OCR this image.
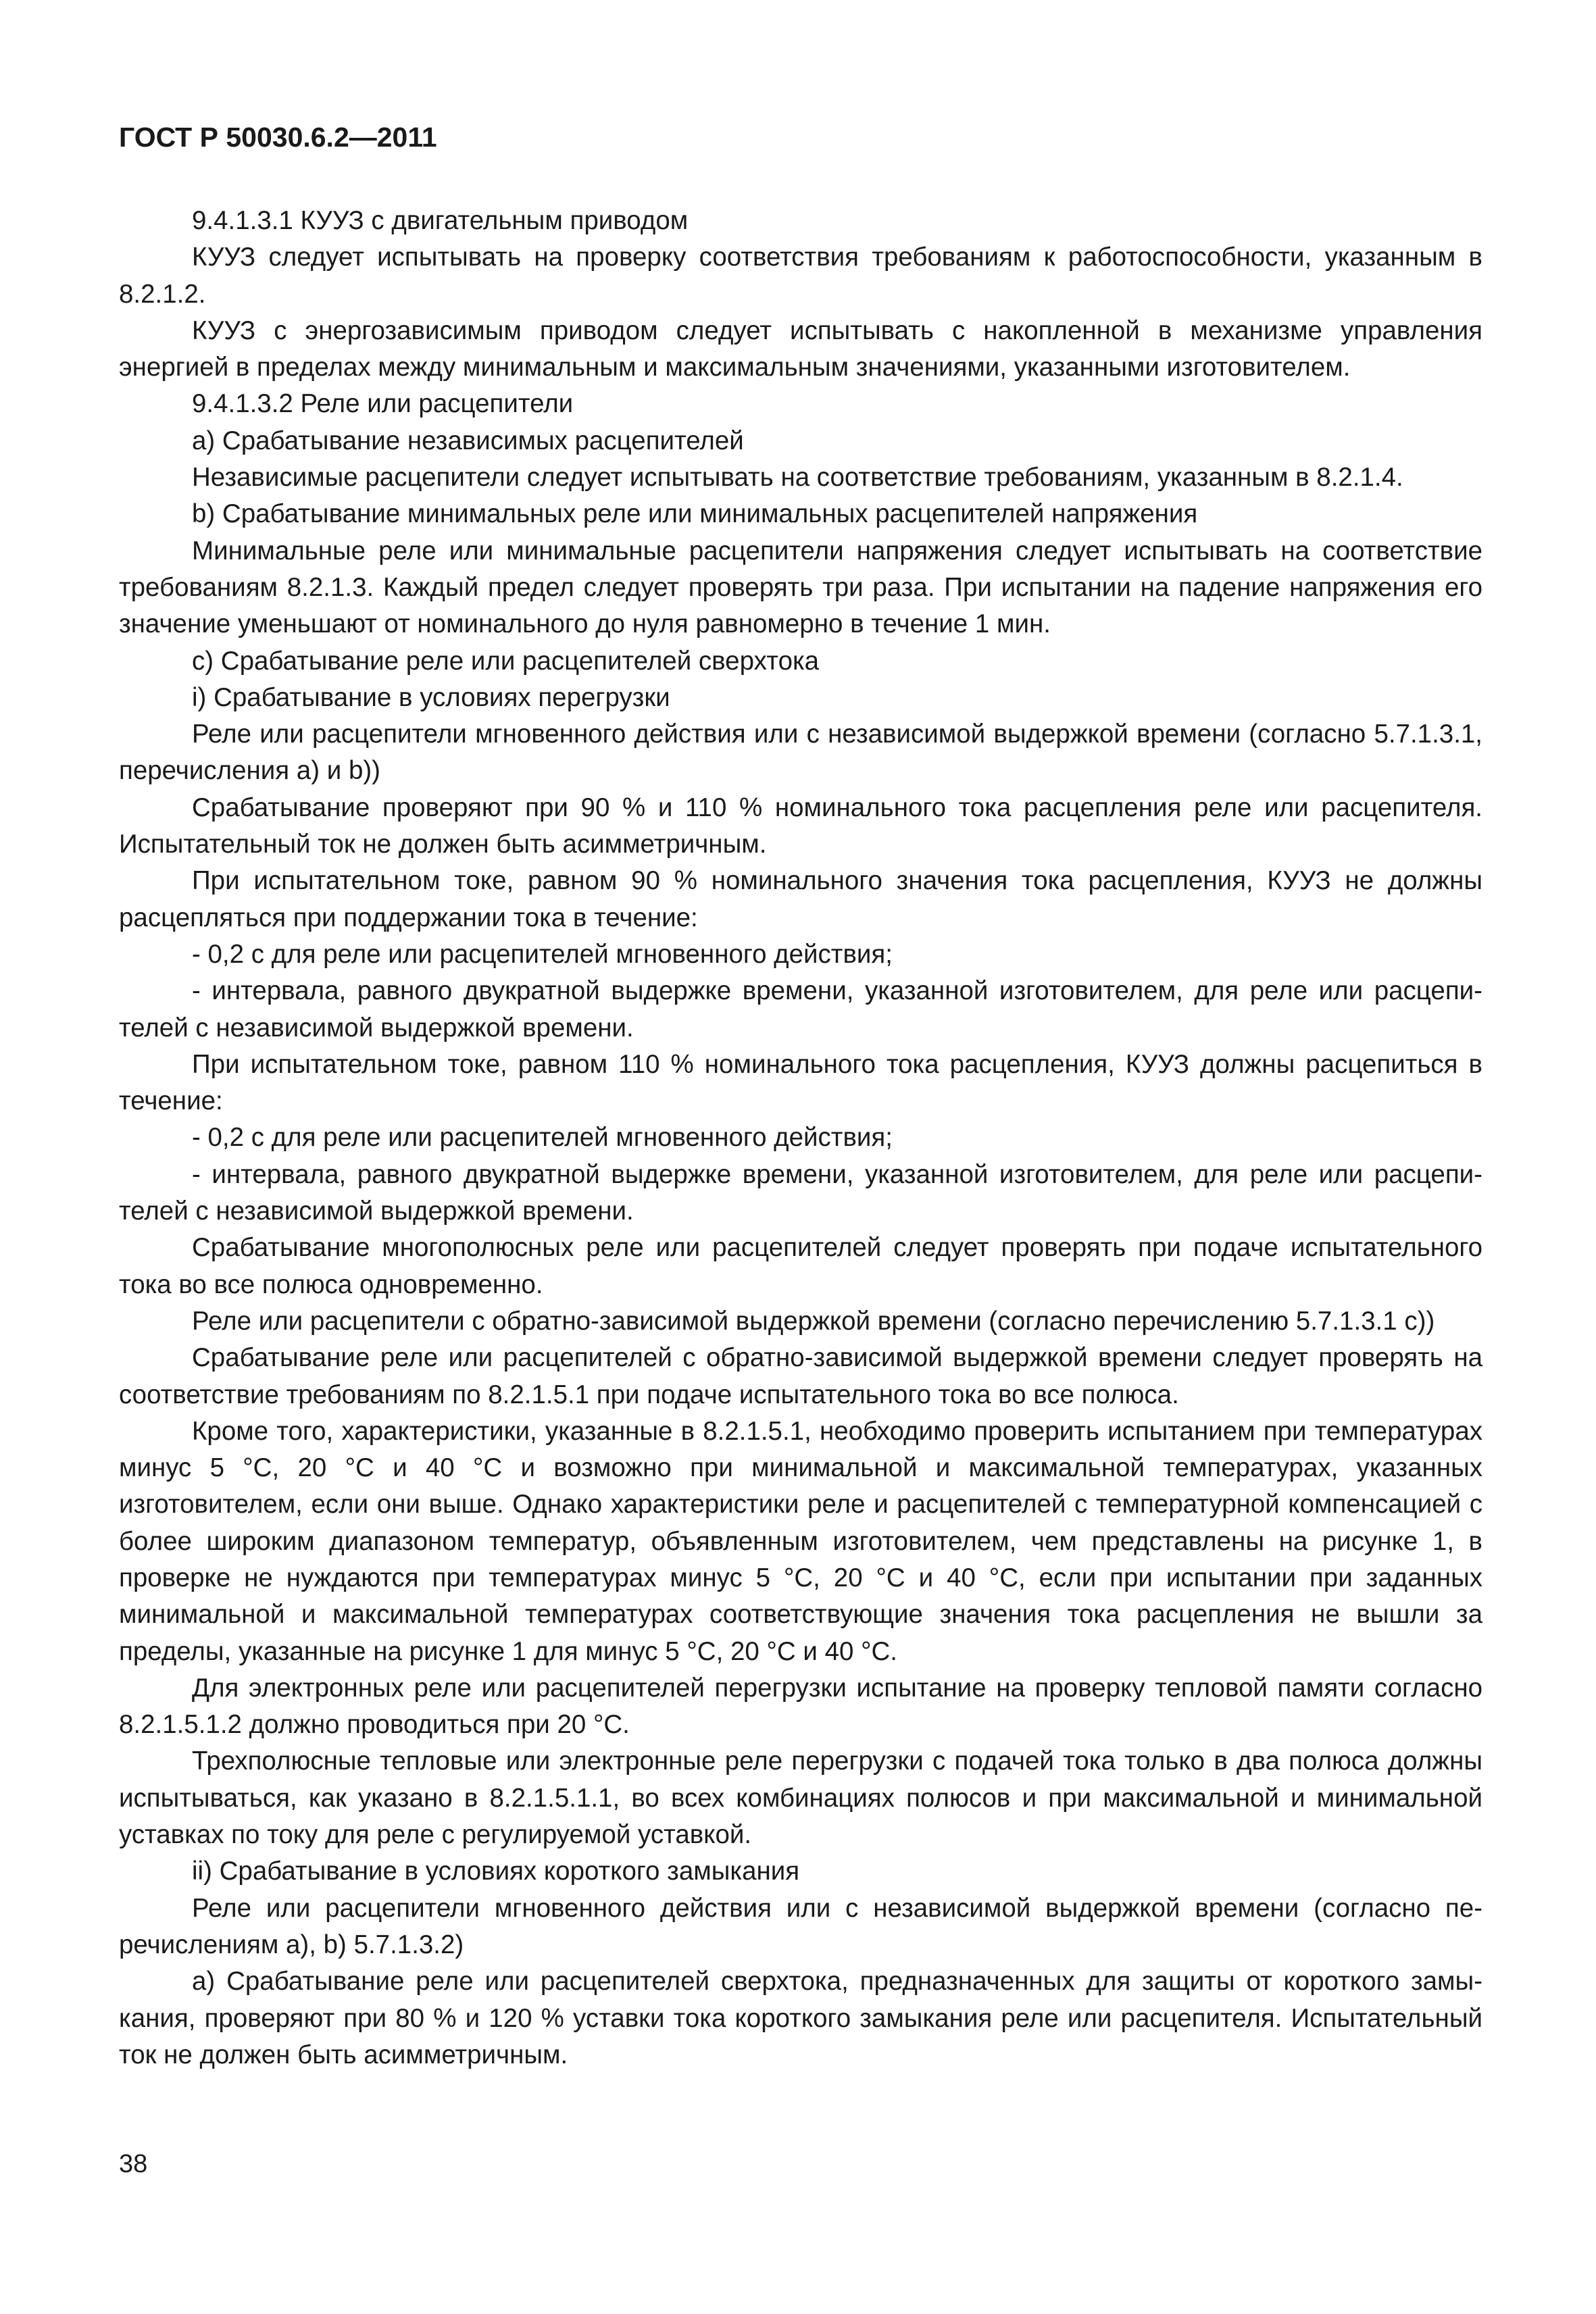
ГОСТ Р 50030.6.2—2011

9.4.1.3.1 КУУЗ с двигательным приводом

КУУЗ следует испытывать на проверку соответствия требованиям к работоспособности, указанным в 8.2.1.2.

КУУЗ с энергозависимым приводом следует испытывать с накопленной в механизме управления энергией в пределах между минимальным и максимальным значениями, указанными изготовителем.

9.4.1.3.2 Реле или расцепители

а) Срабатывание независимых расцепителей

Независимые расцепители следует испытывать на соответствие требованиям, указанным в 8.2.1.4.

b) Срабатывание минимальных реле или минимальных расцепителей напряжения

Минимальные реле или минимальные расцепители напряжения следует испытывать на соответствие требованиям 8.2.1.3. Каждый предел следует проверять три раза. При испытании на падение напряжения его значение уменьшают от номинального до нуля равномерно в течение 1 мин.

с) Срабатывание реле или расцепителей сверхтока

i) Срабатывание в условиях перегрузки

Реле или расцепители мгновенного действия или с независимой выдержкой времени (согласно 5.7.1.3.1, перечисления а) и b))

Срабатывание проверяют при 90 % и 110 % номинального тока расцепления реле или расцепителя. Испытательный ток не должен быть асимметричным.

При испытательном токе, равном 90 % номинального значения тока расцепления, КУУЗ не должны расцепляться при поддержании тока в течение:

- 0,2 с для реле или расцепителей мгновенного действия;

- интервала, равного двукратной выдержке времени, указанной изготовителем, для реле или расцепителей с независимой выдержкой времени.

При испытательном токе, равном 110 % номинального тока расцепления, КУУЗ должны расцепиться в течение:

- 0,2 с для реле или расцепителей мгновенного действия;

- интервала, равного двукратной выдержке времени, указанной изготовителем, для реле или расцепителей с независимой выдержкой времени.

Срабатывание многополюсных реле или расцепителей следует проверять при подаче испытательного тока во все полюса одновременно.

Реле или расцепители с обратно-зависимой выдержкой времени (согласно перечислению 5.7.1.3.1 с))

Срабатывание реле или расцепителей с обратно-зависимой выдержкой времени следует проверять на соответствие требованиям по 8.2.1.5.1 при подаче испытательного тока во все полюса.

Кроме того, характеристики, указанные в 8.2.1.5.1, необходимо проверить испытанием при температурах минус 5 °С, 20 °С и 40 °С и возможно при минимальной и максимальной температурах, указанных изготовителем, если они выше. Однако характеристики реле и расцепителей с температурной компенсацией с более широким диапазоном температур, объявленным изготовителем, чем представлены на рисунке 1, в проверке не нуждаются при температурах минус 5 °С, 20 °С и 40 °С, если при испытании при заданных минимальной и максимальной температурах соответствующие значения тока расцепления не вышли за пределы, указанные на рисунке 1 для минус 5 °С, 20 °С и 40 °С.

Для электронных реле или расцепителей перегрузки испытание на проверку тепловой памяти согласно 8.2.1.5.1.2 должно проводиться при 20 °С.

Трехполюсные тепловые или электронные реле перегрузки с подачей тока только в два полюса должны испытываться, как указано в 8.2.1.5.1.1, во всех комбинациях полюсов и при максимальной и минимальной уставках по току для реле с регулируемой уставкой.

ii) Срабатывание в условиях короткого замыкания

Реле или расцепители мгновенного действия или с независимой выдержкой времени (согласно перечислениям а), b) 5.7.1.3.2)

а) Срабатывание реле или расцепителей сверхтока, предназначенных для защиты от короткого замыкания, проверяют при 80 % и 120 % уставки тока короткого замыкания реле или расцепителя. Испытательный ток не должен быть асимметричным.

38
